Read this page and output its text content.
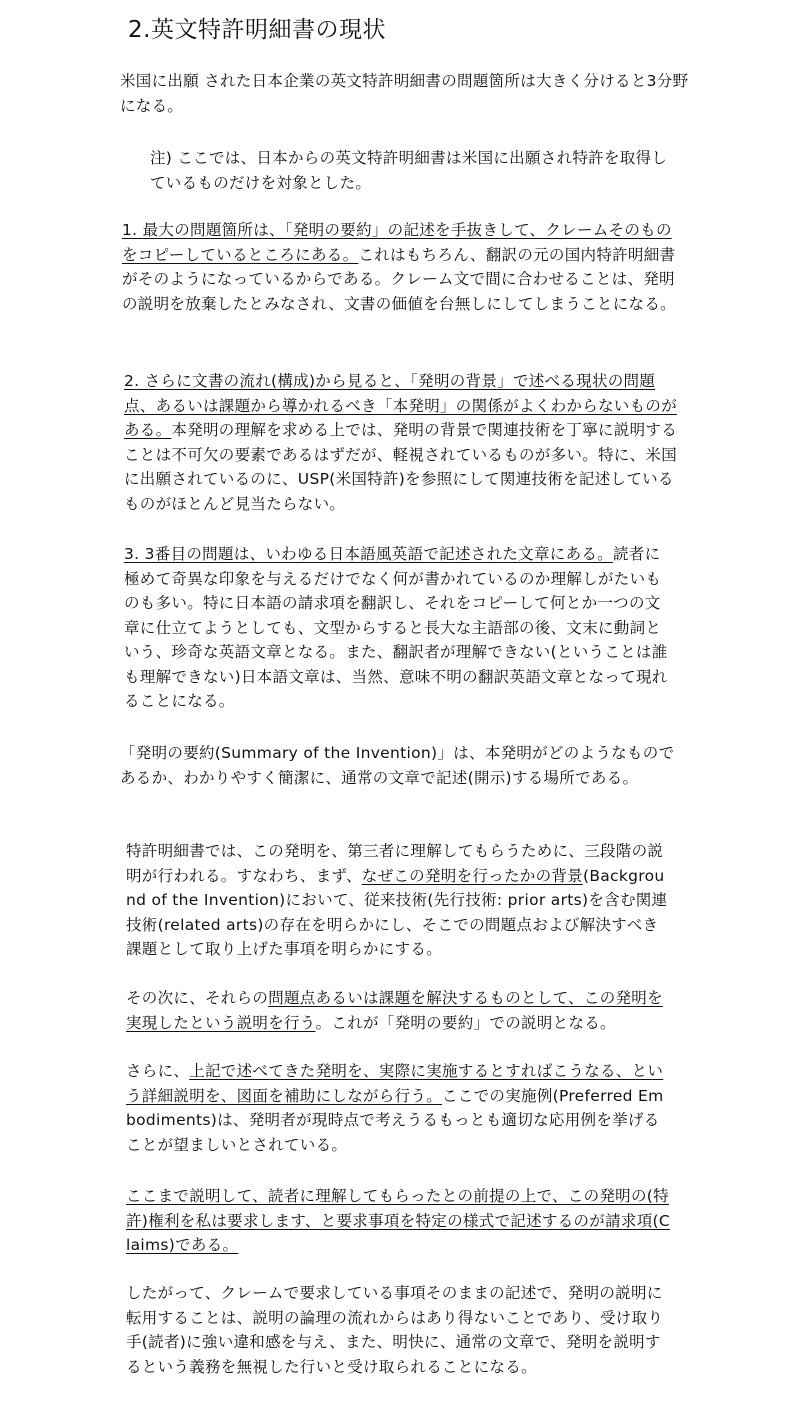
2.英文特許明細書の現状

米国に出願 された日本企業の英文特許明細書の問題箇所は大きく分けると3分野になる。

注) ここでは、日本からの英文特許明細書は米国に出願され特許を取得しているものだけを対象とした。

1. 最大の問題箇所は、「発明の要約」の記述を手抜きして、クレームそのものをコピーしているところにある。これはもちろん、翻訳の元の国内特許明細書がそのようになっているからである。クレーム文で間に合わせることは、発明の説明を放棄したとみなされ、文書の価値を台無しにしてしまうことになる。

2. さらに文書の流れ(構成)から見ると、「発明の背景」で述べる現状の問題点、あるいは課題から導かれるべき「本発明」の関係がよくわからないものがある。本発明の理解を求める上では、発明の背景で関連技術を丁寧に説明することは不可欠の要素であるはずだが、軽視されているものが多い。特に、米国に出願されているのに、USP(米国特許)を参照にして関連技術を記述しているものがほとんど見当たらない。

3. 3番目の問題は、いわゆる日本語風英語で記述された文章にある。読者に極めて奇異な印象を与えるだけでなく何が書かれているのか理解しがたいものも多い。特に日本語の請求項を翻訳し、それをコピーして何とか一つの文章に仕立てようとしても、文型からすると長大な主語部の後、文末に動詞という、珍奇な英語文章となる。また、翻訳者が理解できない(ということは誰も理解できない)日本語文章は、当然、意味不明の翻訳英語文章となって現れることになる。

「発明の要約(Summary of the Invention)」は、本発明がどのようなものであるか、わかりやすく簡潔に、通常の文章で記述(開示)する場所である。

特許明細書では、この発明を、第三者に理解してもらうために、三段階の説明が行われる。すなわち、まず、なぜこの発明を行ったかの背景(Background of the Invention)において、従来技術(先行技術: prior arts)を含む関連技術(related arts)の存在を明らかにし、そこでの問題点および解決すべき課題として取り上げた事項を明らかにする。

その次に、それらの問題点あるいは課題を解決するものとして、この発明を実現したという説明を行う。これが「発明の要約」での説明となる。

さらに、上記で述べてきた発明を、実際に実施するとすればこうなる、という詳細説明を、図面を補助にしながら行う。ここでの実施例(Preferred Embodiments)は、発明者が現時点で考えうるもっとも適切な応用例を挙げることが望ましいとされている。

ここまで説明して、読者に理解してもらったとの前提の上で、この発明の(特許)権利を私は要求します、と要求事項を特定の様式で記述するのが請求項(Claims)である。

したがって、クレームで要求している事項そのままの記述で、発明の説明に転用することは、説明の論理の流れからはあり得ないことであり、受け取り手(読者)に強い違和感を与え、また、明快に、通常の文章で、発明を説明するという義務を無視した行いと受け取られることになる。
